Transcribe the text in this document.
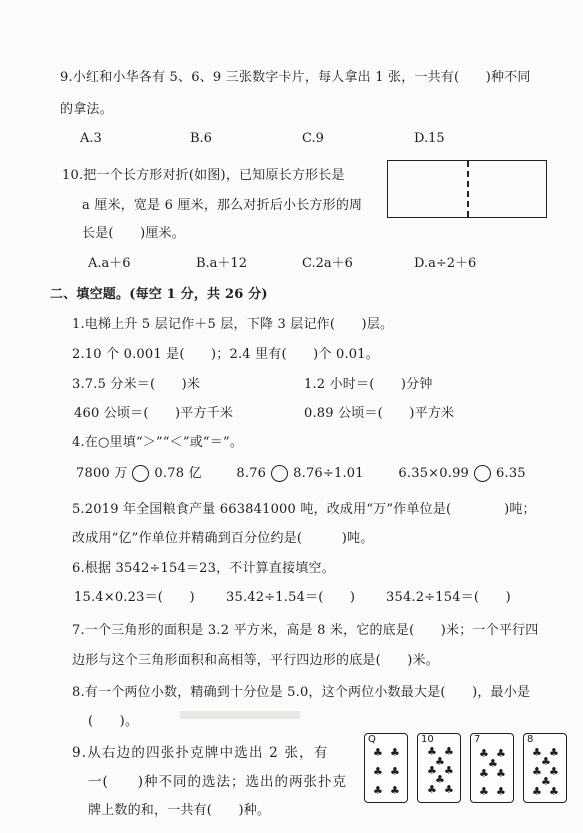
9.小红和小华各有 5、6、9 三张数字卡片，每人拿出 1 张，一共有(　　)种不同
的拿法。
A.3	B.6	C.9	D.15
10.把一个长方形对折(如图)，已知原长方形长是
a 厘米，宽是 6 厘米，那么对折后小长方形的周
长是(　　)厘米。
A.a＋6	B.a＋12	C.2a＋6	D.a÷2＋6
二、填空题。(每空 1 分，共 26 分)
1.电梯上升 5 层记作＋5 层，下降 3 层记作(　　)层。
2.10 个 0.001 是(　　)；2.4 里有(　　)个 0.01。
3.7.5 分米＝(　　)米	1.2 小时＝(　　)分钟
460 公顷＝(　　)平方千米	0.89 公顷＝(　　)平方米
4.在○里填“＞”“＜”或“＝”。
7800 万 0.78 亿	8.76 8.76÷1.01	6.35×0.99 6.35
5.2019 年全国粮食产量 663841000 吨，改成用“万”作单位是(　　　　)吨；
改成用“亿”作单位并精确到百分位约是(　　　)吨。
6.根据 3542÷154＝23，不计算直接填空。
15.4×0.23＝(　　) 35.42÷1.54＝(　　) 354.2÷154＝(　　)
7.一个三角形的面积是 3.2 平方米，高是 8 米，它的底是(　　)米；一个平行四
边形与这个三角形面积和高相等，平行四边形的底是(　　)米。
8.有一个两位小数，精确到十分位是 5.0，这个两位小数最大是(　　)，最小是
(　　)。
9.从右边的四张扑克牌中选出 2 张，有
一(　　)种不同的选法；选出的两张扑克
牌上数的和，一共有(　　)种。
Q
♣ ♣
♣ ♣
♣ ♣
10
♣ ♣
♣
♣ ♣
♣
♣ ♣
7
♣ ♣
♣
♣ ♣
♣ ♣
8
♣ ♣
♣
♣ ♣
♣
♣ ♣
